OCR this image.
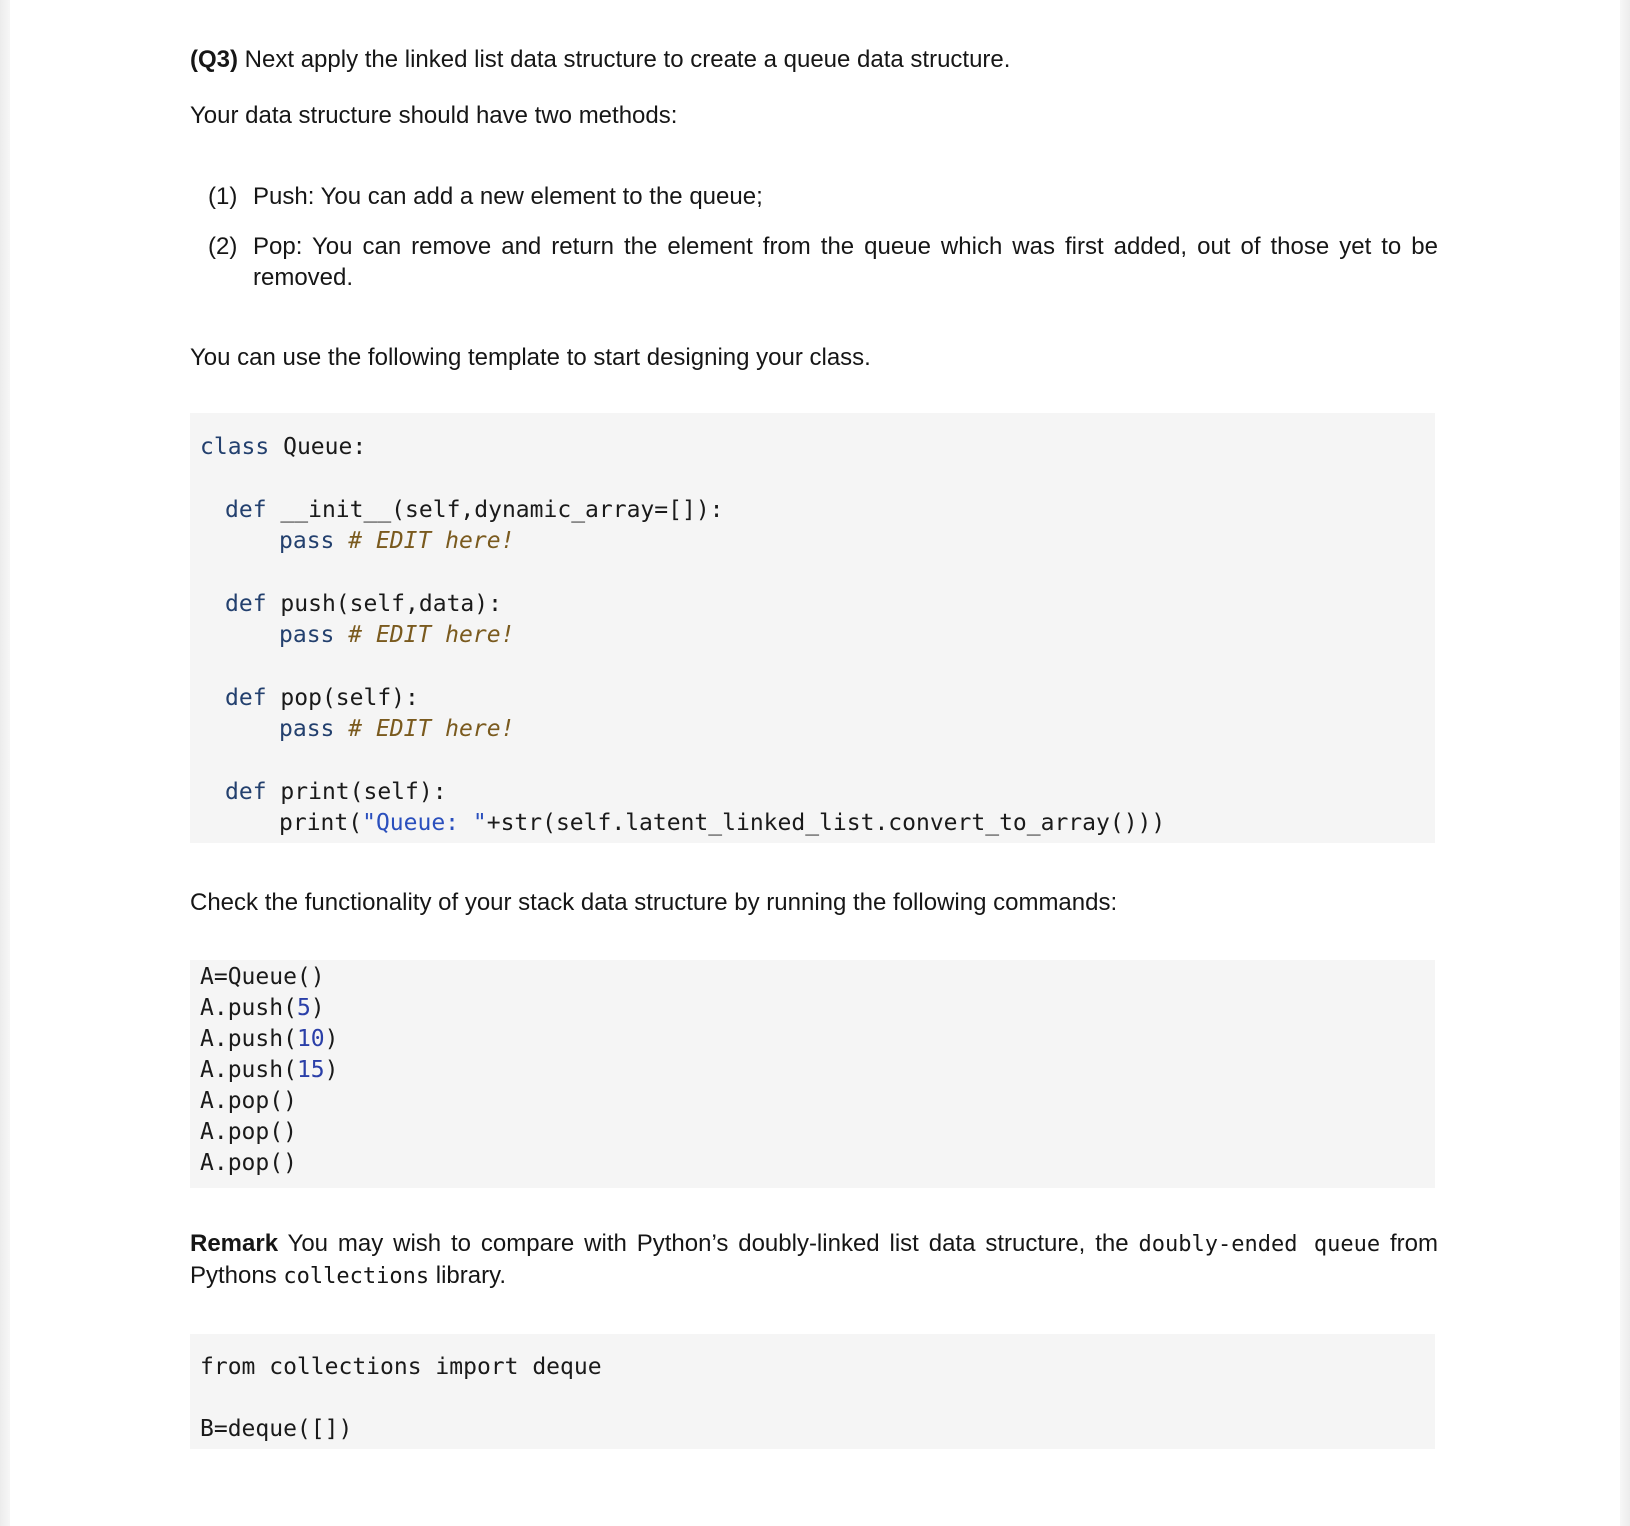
(Q3) Next apply the linked list data structure to create a queue data structure.
Your data structure should have two methods:
(1) Push: You can add a new element to the queue;
(2) Pop: You can remove and return the element from the queue which was first added, out of those yet to be removed.
You can use the following template to start designing your class.
class Queue:
def __init__(self,dynamic_array=[]):
pass # EDIT here!
def push(self,data):
pass # EDIT here!
def pop(self):
pass # EDIT here!
def print(self):
print("Queue: "+str(self.latent_linked_list.convert_to_array()))
Check the functionality of your stack data structure by running the following commands:
A=Queue()
A.push(5)
A.push(10)
A.push(15)
A.pop()
A.pop()
A.pop()
Remark You may wish to compare with Python’s doubly-linked list data structure, the doubly-ended queue from Pythons collections library.
from collections import deque
B=deque([])
